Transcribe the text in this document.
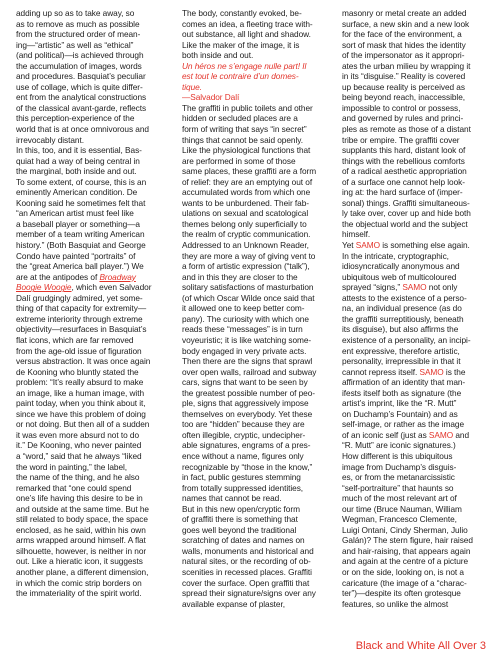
adding up so as to take away, so
as to remove as much as possible
from the structured order of mean-
ing—“artistic” as well as “ethical”
(and political)—is achieved through
the accumulation of images, words
and procedures. Basquiat’s peculiar
use of collage, which is quite differ-
ent from the analytical constructions
of the classical avant-garde, reflects
this perception-experience of the
world that is at once omnivorous and
irrevocably distant.
In this, too, and it is essential, Bas-
quiat had a way of being central in
the marginal, both inside and out.
To some extent, of course, this is an
eminently American condition. De
Kooning said he sometimes felt that
“an American artist must feel like
a baseball player or something—a
member of a team writing American
history.” (Both Basquiat and George
Condo have painted “portraits” of
the “great America ball player.”) We
are at the antipodes of Broadway
Boogie Woogie, which even Salvador
Dalí grudgingly admired, yet some-
thing of that capacity for extremity—
extreme interiority through extreme
objectivity—resurfaces in Basquiat’s
flat icons, which are far removed
from the age-old issue of figuration
versus abstraction. It was once again
de Kooning who bluntly stated the
problem: “It’s really absurd to make
an image, like a human image, with
paint today, when you think about it,
since we have this problem of doing
or not doing. But then all of a sudden
it was even more absurd not to do
it.” De Kooning, who never painted
a “word,” said that he always “liked
the word in painting,” the label,
the name of the thing, and he also
remarked that “one could spend
one’s life having this desire to be in
and outside at the same time. But he
still related to body space, the space
enclosed, as he said, within his own
arms wrapped around himself. A flat
silhouette, however, is neither in nor
out. Like a hieratic icon, it suggests
another plane, a different dimension,
in which the comic strip borders on
the immateriality of the spirit world.
The body, constantly evoked, be-
comes an idea, a fleeting trace with-
out substance, all light and shadow.
Like the maker of the image, it is
both inside and out.
Un héros ne s’engage nulle part! Il
est tout le contraire d’un domes-
tique.
—Salvador Dalí
The graffiti in public toilets and other
hidden or secluded places are a
form of writing that says “in secret”
things that cannot be said openly.
Like the physiological functions that
are performed in some of those
same places, these graffiti are a form
of relief: they are an emptying out of
accumulated words from which one
wants to be unburdened. Their fab-
ulations on sexual and scatological
themes belong only superficially to
the realm of cryptic communication.
Addressed to an Unknown Reader,
they are more a way of giving vent to
a form of artistic expression (“talk”),
and in this they are closer to the
solitary satisfactions of masturbation
(of which Oscar Wilde once said that
it allowed one to keep better com-
pany). The curiosity with which one
reads these “messages” is in turn
voyeuristic; it is like watching some-
body engaged in very private acts.
Then there are the signs that sprawl
over open walls, railroad and subway
cars, signs that want to be seen by
the greatest possible number of peo-
ple, signs that aggressively impose
themselves on everybody. Yet these
too are “hidden” because they are
often illegible, cryptic, undecipher-
able signatures, engrams of a pres-
ence without a name, figures only
recognizable by “those in the know,”
in fact, public gestures stemming
from totally suppressed identities,
names that cannot be read.
But in this new open/cryptic form
of graffiti there is something that
goes well beyond the traditional
scratching of dates and names on
walls, monuments and historical and
natural sites, or the recording of ob-
scenities in recessed places. Graffiti
cover the surface. Open graffiti that
spread their signature/signs over any
available expanse of plaster,
masonry or metal create an added
surface, a new skin and a new look
for the face of the environment, a
sort of mask that hides the identity
of the impersonator as it appropri-
ates the urban milieu by wrapping it
in its “disguise.” Reality is covered
up because reality is perceived as
being beyond reach, inaccessible,
impossible to control or possess,
and governed by rules and princi-
ples as remote as those of a distant
tribe or empire. The graffiti cover
supplants this hard, distant look of
things with the rebellious comforts
of a radical aesthetic appropriation
of a surface one cannot help look-
ing at: the hard surface of (imper-
sonal) things. Graffiti simultaneous-
ly take over, cover up and hide both
the objectual world and the subject
himself.
Yet SAMO is something else again.
In the intricate, cryptographic,
idiosyncratically anonymous and
ubiquitous web of multicoloured
sprayed “signs,” SAMO not only
attests to the existence of a perso-
na, an individual presence (as do
the graffiti surreptitiously, beneath
its disguise), but also affirms the
existence of a personality, an incipi-
ent expressive, therefore artistic,
personality, irrepressible in that it
cannot repress itself. SAMO is the
affirmation of an identity that man-
ifests itself both as signature (the
artist’s imprint, like the “R. Mutt”
on Duchamp’s Fountain) and as
self-image, or rather as the image
of an iconic self (just as SAMO and
“R. Mutt” are iconic signatures.)
How different is this ubiquitous
image from Duchamp’s disguis-
es, or from the metanarcissistic
“self-portraiture” that haunts so
much of the most relevant art of
our time (Bruce Nauman, William
Wegman, Francesco Clemente,
Luigi Ontani, Cindy Sherman, Julio
Galán)? The stern figure, hair raised
and hair-raising, that appears again
and again at the centre of a picture
or on the side, looking on, is not a
caricature (the image of a “charac-
ter”)—despite its often grotesque
features, so unlike the almost
Black and White All Over 3
